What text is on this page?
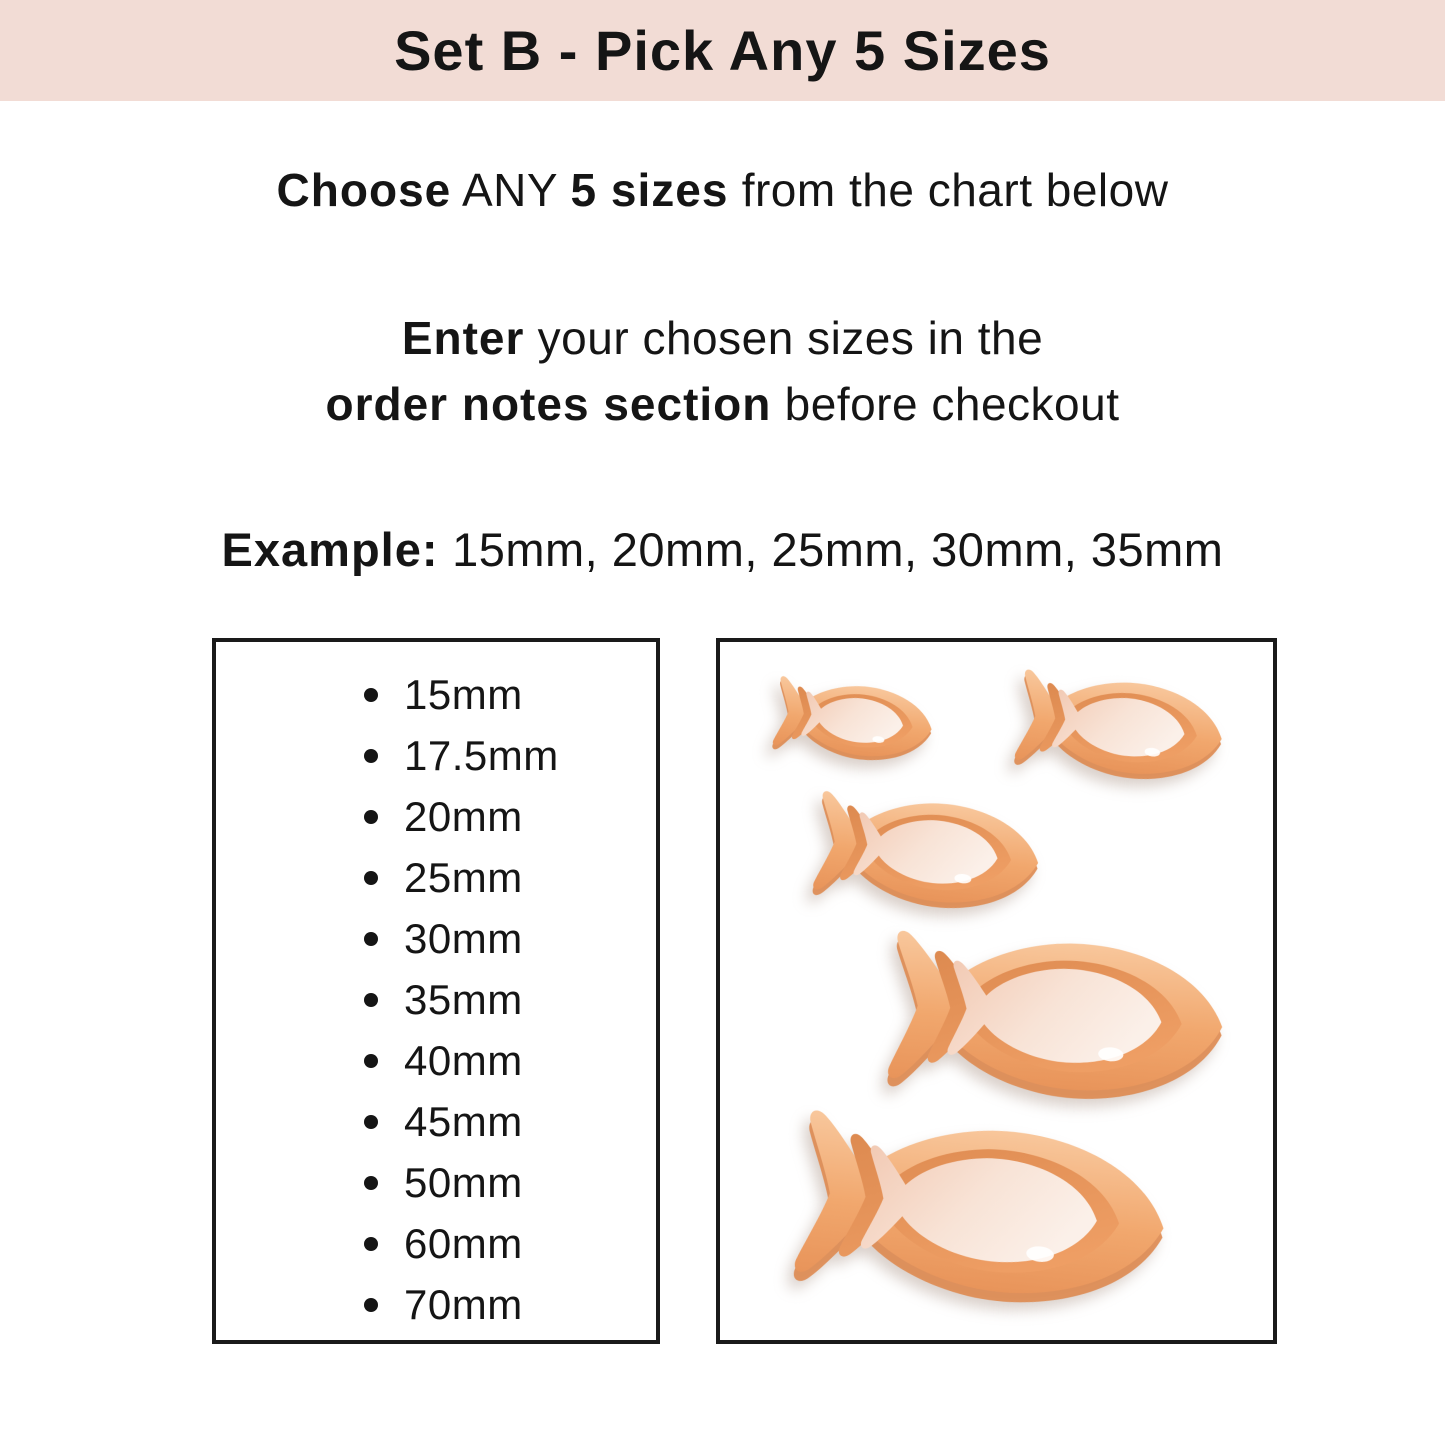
Set B - Pick Any 5 Sizes

Choose ANY 5 sizes from the chart below

Enter your chosen sizes in the
order notes section before checkout

Example: 15mm, 20mm, 25mm, 30mm, 35mm

15mm
17.5mm
20mm
25mm
30mm
35mm
40mm
45mm
50mm
60mm
70mm
